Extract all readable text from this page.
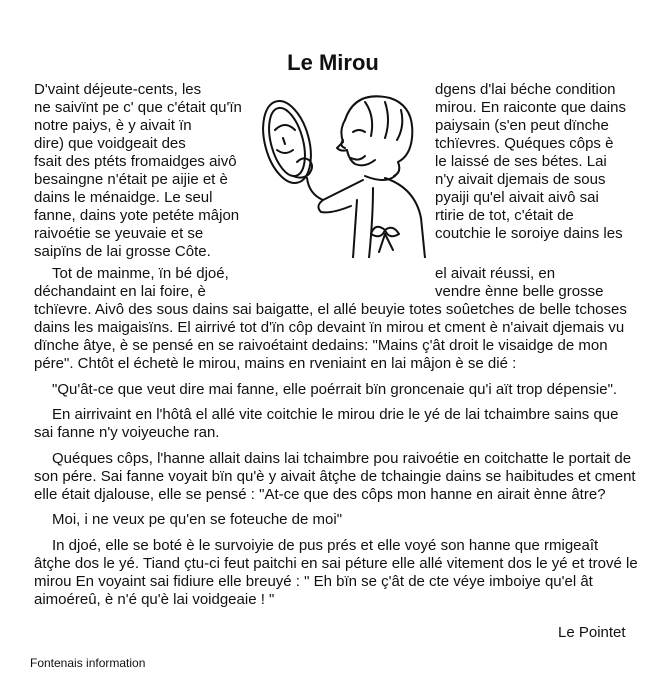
Le Mirou
D'vaint déjeute-cents, les
ne saivïnt pe c' que c'était qu'ïn
notre paiys, è y aivait ïn
dire) que voidgeait des
fsait des ptéts fromaidges aivô
besaingne n'était pe aijie et è
dains le ménaidge. Le seul
fanne, dains yote petéte mâjon
raivoétie se yeuvaie et se
saipïns de lai grosse Côte.
dgens d'lai béche condition
mirou. En raiconte que dains
paiysain (s'en peut dïnche
tchïevres. Quéques côps è
le laissé de ses bétes. Lai
n'y aivait djemais de sous
pyaiji qu'el aivait aivô sai
rtirie de tot, c'était de
coutchie le soroiye dains les
Tot de mainme, ïn bé djoé,
déchandaint en lai foire, è
el aivait réussi, en
vendre ènne belle grosse
tchïevre. Aivô des sous dains sai baigatte, el allé beuyie totes soûetches de belle tchoses
dains les maigaisïns. El airrivé tot d'ïn côp devaint ïn mirou et cment è n'aivait djemais vu
dïnche âtye, è se pensé en se raivoétaint dedains: "Mains ç'ât droit le visaidge de mon
pére". Chtôt el échetè le mirou, mains en rveniaint en lai mâjon è se dié :
"Qu'ât-ce que veut dire mai fanne, elle poérrait bïn groncenaie qu'i aït trop dépensie".
En airrivaint en l'hôtâ el allé vite coitchie le mirou drie le yé de lai tchaimbre sains que
sai fanne n'y voiyeuche ran.
Quéques côps, l'hanne allait dains lai tchaimbre pou raivoétie en coitchatte le portait de
son pére. Sai fanne voyait bïn qu'è y aivait âtçhe de tchaingie dains se haibitudes et cment
elle était djalouse, elle se pensé : "At-ce que des côps mon hanne en airait ènne âtre?
Moi, i ne veux pe qu'en se foteuche de moi"
In djoé, elle se boté è le survoiyie de pus prés et elle voyé son hanne que rmigeaît
âtçhe dos le yé. Tiand çtu-ci feut paitchi en sai péture elle allé vitement dos le yé et trové le
mirou En voyaint sai fidiure elle breuyé : " Eh bïn se ç'ât de cte véye imboiye qu'el ât
aimoéreû, è n'é qu'è lai voidgeaie ! "
Le Pointet
Fontenais information
